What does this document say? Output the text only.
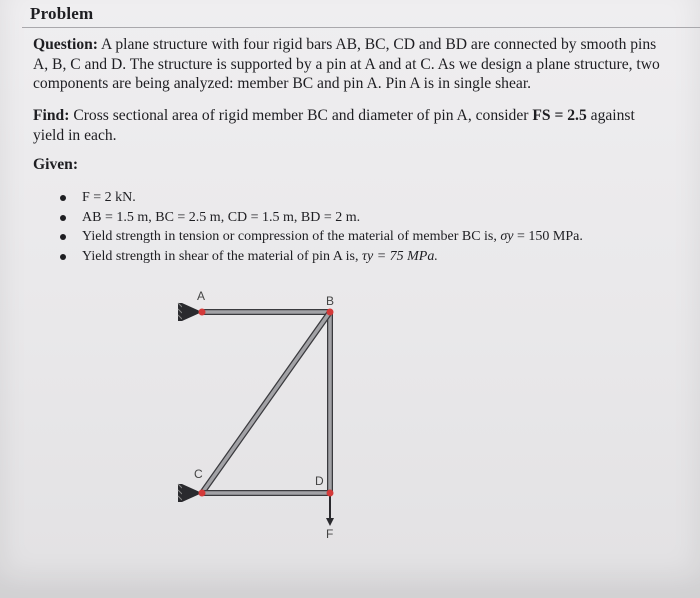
Problem
Question: A plane structure with four rigid bars AB, BC, CD and BD are connected by smooth pins A, B, C and D. The structure is supported by a pin at A and at C. As we design a plane structure, two components are being analyzed: member BC and pin A. Pin A is in single shear.
Find: Cross sectional area of rigid member BC and diameter of pin A, consider FS = 2.5 against yield in each.
Given:
F = 2 kN.
AB = 1.5 m, BC = 2.5 m, CD = 1.5 m, BD = 2 m.
Yield strength in tension or compression of the material of member BC is, σy = 150 MPa.
Yield strength in shear of the material of pin A is, τy = 75 MPa.
A	B
C	D
F
